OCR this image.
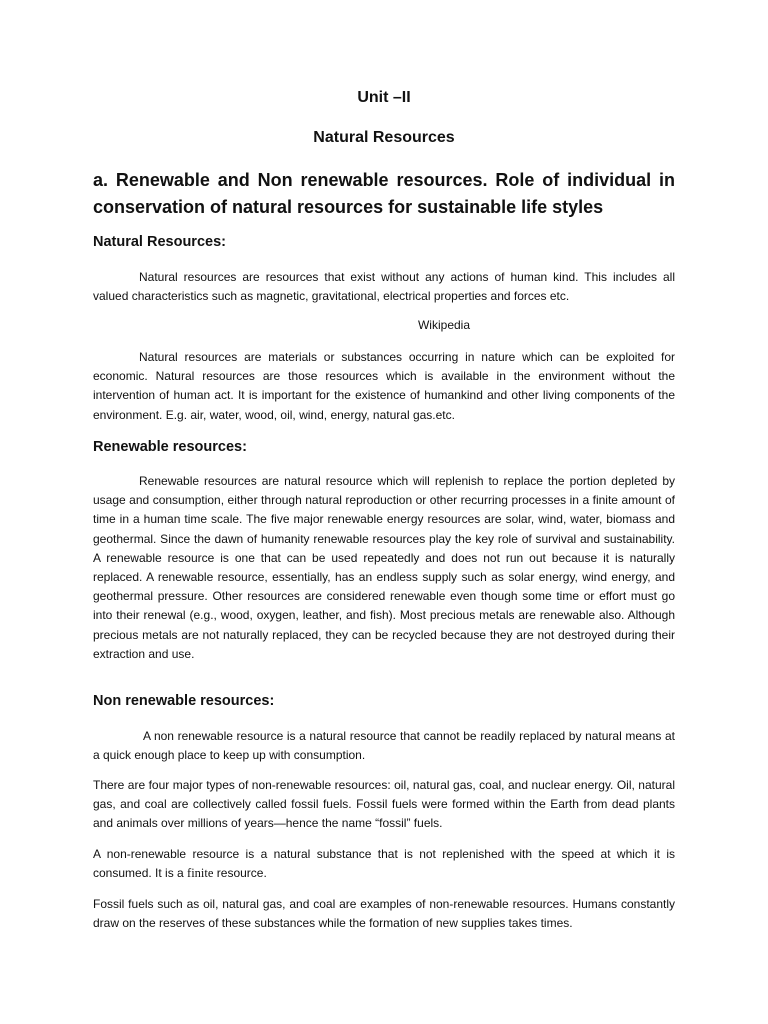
Unit –II
Natural Resources
a. Renewable and Non renewable resources. Role of individual in conservation of natural resources for sustainable life styles
Natural Resources:

Natural resources are resources that exist without any actions of human kind. This includes all valued characteristics such as magnetic, gravitational, electrical properties and forces etc.

Wikipedia

Natural resources are materials or substances occurring in nature which can be exploited for economic. Natural resources are those resources which is available in the environment without the intervention of human act. It is important for the existence of humankind and other living components of the environment. E.g. air, water, wood, oil, wind, energy, natural gas.etc.

Renewable resources:

Renewable resources are natural resource which will replenish to replace the portion depleted by usage and consumption, either through natural reproduction or other recurring processes in a finite amount of time in a human time scale. The five major renewable energy resources are solar, wind, water, biomass and geothermal. Since the dawn of humanity renewable resources play the key role of survival and sustainability. A renewable resource is one that can be used repeatedly and does not run out because it is naturally replaced. A renewable resource, essentially, has an endless supply such as solar energy, wind energy, and geothermal pressure. Other resources are considered renewable even though some time or effort must go into their renewal (e.g., wood, oxygen, leather, and fish). Most precious metals are renewable also. Although precious metals are not naturally replaced, they can be recycled because they are not destroyed during their extraction and use.

Non renewable resources:

A non renewable resource is a natural resource that cannot be readily replaced by natural means at a quick enough place to keep up with consumption.

There are four major types of non-renewable resources: oil, natural gas, coal, and nuclear energy. Oil, natural gas, and coal are collectively called fossil fuels. Fossil fuels were formed within the Earth from dead plants and animals over millions of years—hence the name “fossil” fuels.

A non-renewable resource is a natural substance that is not replenished with the speed at which it is consumed. It is a finite resource.

Fossil fuels such as oil, natural gas, and coal are examples of non-renewable resources. Humans constantly draw on the reserves of these substances while the formation of new supplies takes times.
